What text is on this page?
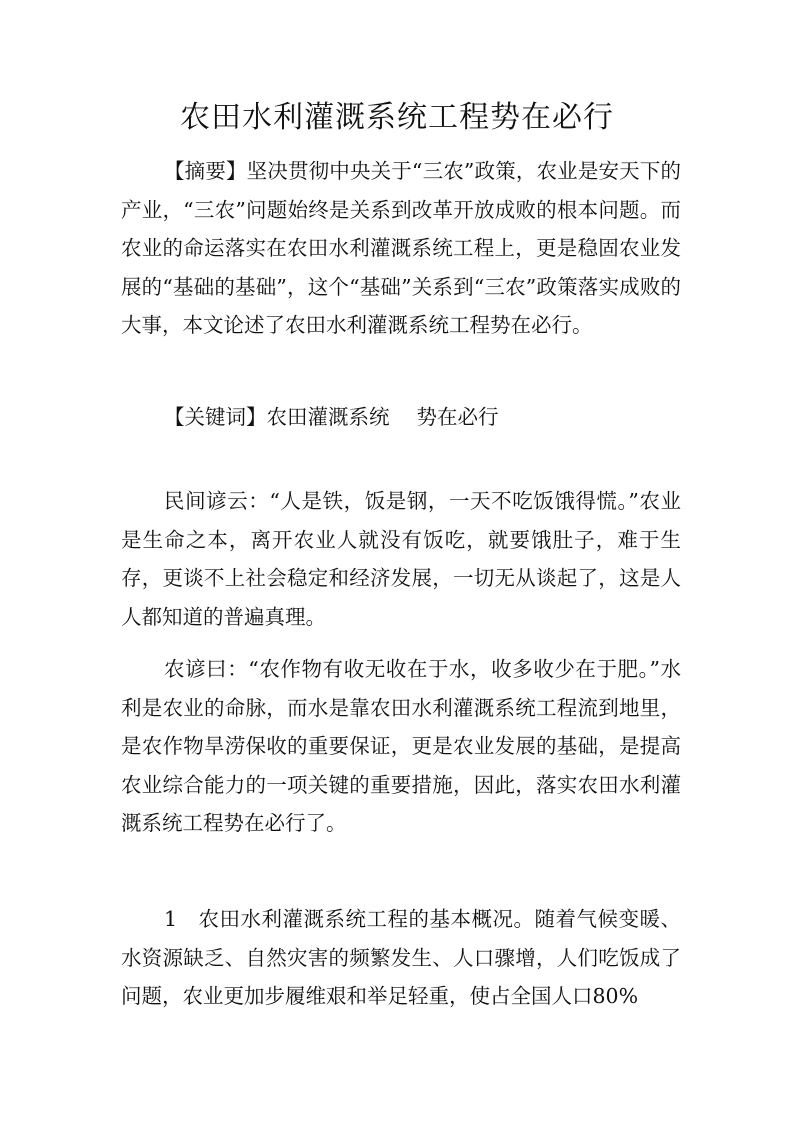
农田水利灌溉系统工程势在必行

【摘要】坚决贯彻中央关于“三农”政策，农业是安天下的产业，“三农”问题始终是关系到改革开放成败的根本问题。而农业的命运落实在农田水利灌溉系统工程上，更是稳固农业发展的“基础的基础”，这个“基础”关系到“三农”政策落实成败的大事，本文论述了农田水利灌溉系统工程势在必行。

【关键词】农田灌溉系统　 势在必行

民间谚云：“人是铁，饭是钢，一天不吃饭饿得慌。”农业是生命之本，离开农业人就没有饭吃，就要饿肚子，难于生存，更谈不上社会稳定和经济发展，一切无从谈起了，这是人人都知道的普遍真理。

农谚曰：“农作物有收无收在于水，收多收少在于肥。”水利是农业的命脉，而水是靠农田水利灌溉系统工程流到地里，是农作物旱涝保收的重要保证，更是农业发展的基础，是提高农业综合能力的一项关键的重要措施，因此，落实农田水利灌溉系统工程势在必行了。

1　农田水利灌溉系统工程的基本概况。随着气候变暖、水资源缺乏、自然灾害的频繁发生、人口骤增，人们吃饭成了问题，农业更加步履维艰和举足轻重，使占全国人口80%
